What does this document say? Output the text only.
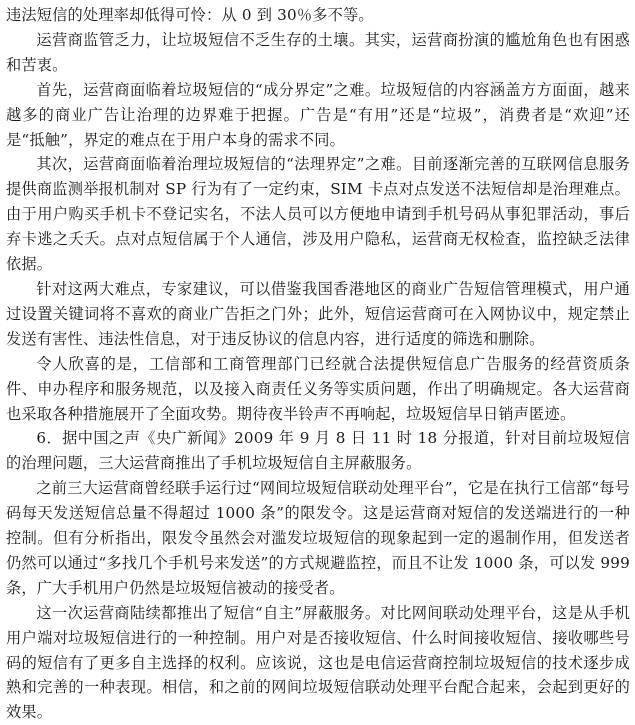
违法短信的处理率却低得可怜：从 0 到 30％多不等。

运营商监管乏力，让垃圾短信不乏生存的土壤。其实，运营商扮演的尴尬角色也有困惑和苦衷。

首先，运营商面临着垃圾短信的“成分界定”之难。垃圾短信的内容涵盖方方面面，越来越多的商业广告让治理的边界难于把握。广告是“有用”还是“垃圾”，消费者是“欢迎”还是“抵触”，界定的难点在于用户本身的需求不同。

其次，运营商面临着治理垃圾短信的“法理界定”之难。目前逐渐完善的互联网信息服务提供商监测举报机制对 SP 行为有了一定约束，SIM 卡点对点发送不法短信却是治理难点。由于用户购买手机卡不登记实名，不法人员可以方便地申请到手机号码从事犯罪活动，事后弃卡逃之夭夭。点对点短信属于个人通信，涉及用户隐私，运营商无权检查，监控缺乏法律依据。

针对这两大难点，专家建议，可以借鉴我国香港地区的商业广告短信管理模式，用户通过设置关键词将不喜欢的商业广告拒之门外；此外，短信运营商可在入网协议中，规定禁止发送有害性、违法性信息，对于违反协议的信息内容，进行适度的筛选和删除。

令人欣喜的是，工信部和工商管理部门已经就合法提供短信息广告服务的经营资质条件、申办程序和服务规范，以及接入商责任义务等实质问题，作出了明确规定。各大运营商也采取各种措施展开了全面攻势。期待夜半铃声不再响起，垃圾短信早日销声匿迹。

6．据中国之声《央广新闻》2009 年 9 月 8 日 11 时 18 分报道，针对目前垃圾短信的治理问题，三大运营商推出了手机垃圾短信自主屏蔽服务。

之前三大运营商曾经联手运行过“网间垃圾短信联动处理平台”，它是在执行工信部“每号码每天发送短信总量不得超过 1000 条”的限发令。这是运营商对短信的发送端进行的一种控制。但有分析指出，限发令虽然会对滥发垃圾短信的现象起到一定的遏制作用，但发送者仍然可以通过“多找几个手机号来发送”的方式规避监控，而且不让发 1000 条，可以发 999 条，广大手机用户仍然是垃圾短信被动的接受者。

这一次运营商陆续都推出了短信“自主”屏蔽服务。对比网间联动处理平台，这是从手机用户端对垃圾短信进行的一种控制。用户对是否接收短信、什么时间接收短信、接收哪些号码的短信有了更多自主选择的权利。应该说，这也是电信运营商控制垃圾短信的技术逐步成熟和完善的一种表现。相信，和之前的网间垃圾短信联动处理平台配合起来，会起到更好的效果。
